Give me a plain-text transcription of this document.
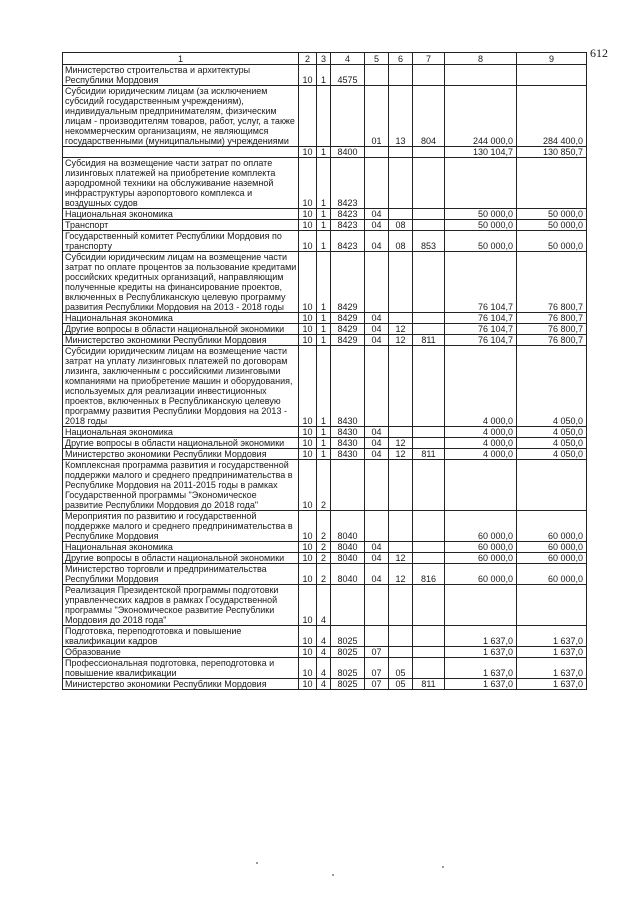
612
1	2	3	4	5	6	7	8	9
Министерство строительства и архитектуры Республики Мордовия	10	1	4575					
Субсидии юридическим лицам (за исключением субсидий государственным учреждениям), индивидуальным предпринимателям, физическим лицам - производителям товаров, работ, услуг, а также некоммерческим организациям, не являющимся государственными (муниципальными) учреждениями				01	13	804	244 000,0	284 400,0
	10	1	8400				130 104,7	130 850,7
Субсидия на возмещение части затрат по оплате лизинговых платежей на приобретение комплекта аэродромной техники на обслуживание наземной инфраструктуры аэропортового комплекса и воздушных судов	10	1	8423					
Национальная экономика	10	1	8423	04			50 000,0	50 000,0
Транспорт	10	1	8423	04	08		50 000,0	50 000,0
Государственный комитет Республики Мордовия по транспорту	10	1	8423	04	08	853	50 000,0	50 000,0
Субсидии юридическим лицам на возмещение части затрат по оплате процентов за пользование кредитами российских кредитных организаций, направляющим полученные кредиты на финансирование проектов, включенных в Республиканскую целевую программу развития Республики Мордовия на 2013 - 2018 годы	10	1	8429				76 104,7	76 800,7
Национальная экономика	10	1	8429	04			76 104,7	76 800,7
Другие вопросы в области национальной экономики	10	1	8429	04	12		76 104,7	76 800,7
Министерство экономики Республики Мордовия	10	1	8429	04	12	811	76 104,7	76 800,7
Субсидии юридическим лицам на возмещение части затрат на уплату лизинговых платежей по договорам лизинга, заключенным с российскими лизинговыми компаниями на приобретение машин и оборудования, используемых для реализации инвестиционных проектов, включенных в Республиканскую целевую программу развития Республики Мордовия на 2013 - 2018 годы	10	1	8430				4 000,0	4 050,0
Национальная экономика	10	1	8430	04			4 000,0	4 050,0
Другие вопросы в области национальной экономики	10	1	8430	04	12		4 000,0	4 050,0
Министерство экономики Республики Мордовия	10	1	8430	04	12	811	4 000,0	4 050,0
Комплексная программа развития и государственной поддержки малого и среднего предпринимательства в Республике Мордовия на 2011-2015 годы в рамках Государственной программы "Экономическое развитие Республики Мордовия до 2018 года"	10	2						
Мероприятия по развитию и государственной поддержке малого и среднего предпринимательства в Республике Мордовия	10	2	8040				60 000,0	60 000,0
Национальная экономика	10	2	8040	04			60 000,0	60 000,0
Другие вопросы в области национальной экономики	10	2	8040	04	12		60 000,0	60 000,0
Министерство торговли и предпринимательства Республики Мордовия	10	2	8040	04	12	816	60 000,0	60 000,0
Реализация Президентской программы подготовки управленческих кадров в рамках Государственной программы "Экономическое развитие Республики Мордовия до 2018 года"	10	4						
Подготовка, переподготовка и повышение квалификации кадров	10	4	8025				1 637,0	1 637,0
Образование	10	4	8025	07			1 637,0	1 637,0
Профессиональная подготовка, переподготовка и повышение квалификации	10	4	8025	07	05		1 637,0	1 637,0
Министерство экономики Республики Мордовия	10	4	8025	07	05	811	1 637,0	1 637,0
